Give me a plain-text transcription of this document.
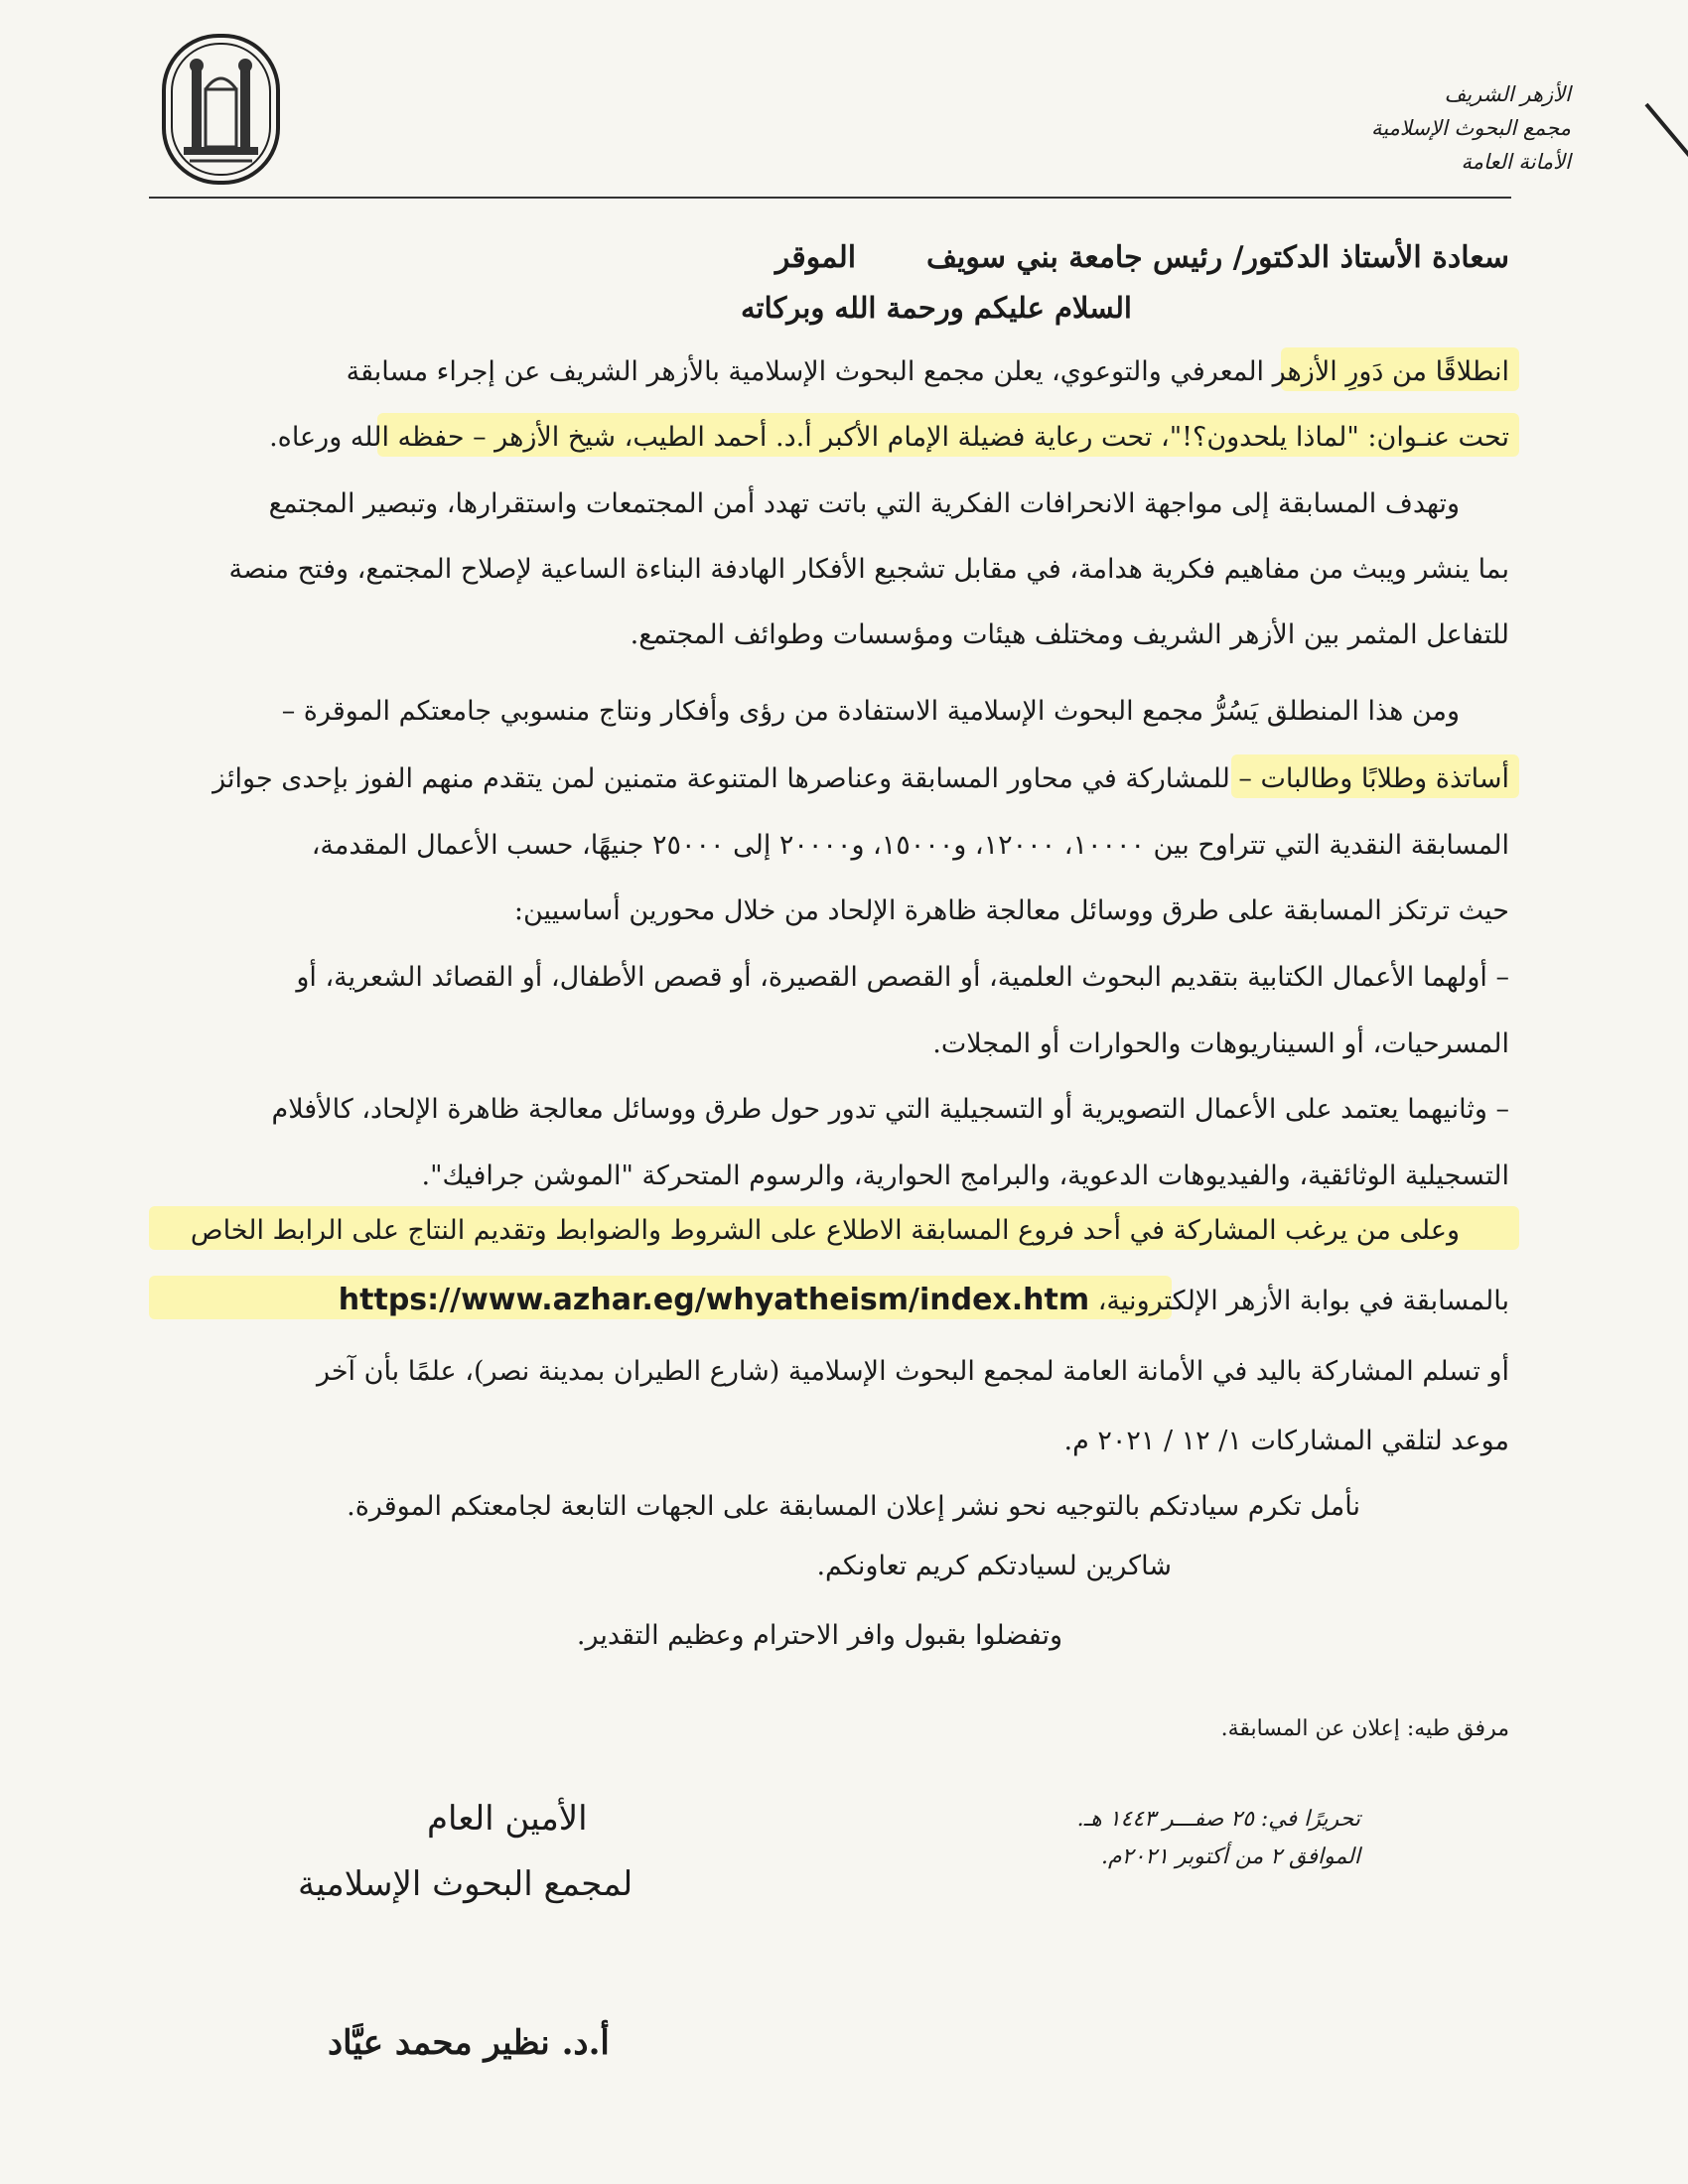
الأزهر الشريف
مجمع البحوث الإسلامية
الأمانة العامة
سعادة الأستاذ الدكتور/ رئيس جامعة بني سويف  الموقر
السلام عليكم ورحمة الله وبركاته
انطلاقًا من دَورِ الأزهر المعرفي والتوعوي، يعلن مجمع البحوث الإسلامية بالأزهر الشريف عن إجراء مسابقة
تحت عنـوان: "لماذا يلحدون؟!"، تحت رعاية فضيلة الإمام الأكبر أ.د. أحمد الطيب، شيخ الأزهر – حفظه الله ورعاه.
وتهدف المسابقة إلى مواجهة الانحرافات الفكرية التي باتت تهدد أمن المجتمعات واستقرارها، وتبصير المجتمع
بما ينشر ويبث من مفاهيم فكرية هدامة، في مقابل تشجيع الأفكار الهادفة البناءة الساعية لإصلاح المجتمع، وفتح منصة
للتفاعل المثمر بين الأزهر الشريف ومختلف هيئات ومؤسسات وطوائف المجتمع.
ومن هذا المنطلق يَسُرُّ مجمع البحوث الإسلامية الاستفادة من رؤى وأفكار ونتاج منسوبي جامعتكم الموقرة –
أساتذة وطلابًا وطالبات – للمشاركة في محاور المسابقة وعناصرها المتنوعة متمنين لمن يتقدم منهم الفوز بإحدى جوائز
المسابقة النقدية التي تتراوح بين ١٠٠٠٠، ١٢٠٠٠، و١٥٠٠٠، و٢٠٠٠٠ إلى ٢٥٠٠٠ جنيهًا، حسب الأعمال المقدمة،
حيث ترتكز المسابقة على طرق ووسائل معالجة ظاهرة الإلحاد من خلال محورين أساسيين:
– أولهما الأعمال الكتابية بتقديم البحوث العلمية، أو القصص القصيرة، أو قصص الأطفال، أو القصائد الشعرية، أو
المسرحيات، أو السيناريوهات والحوارات أو المجلات.
– وثانيهما يعتمد على الأعمال التصويرية أو التسجيلية التي تدور حول طرق ووسائل معالجة ظاهرة الإلحاد، كالأفلام
التسجيلية الوثائقية، والفيديوهات الدعوية، والبرامج الحوارية، والرسوم المتحركة "الموشن جرافيك".
وعلى من يرغب المشاركة في أحد فروع المسابقة الاطلاع على الشروط والضوابط وتقديم النتاج على الرابط الخاص
بالمسابقة في بوابة الأزهر الإلكترونية، https://www.azhar.eg/whyatheism/index.htm
أو تسلم المشاركة باليد في الأمانة العامة لمجمع البحوث الإسلامية (شارع الطيران بمدينة نصر)، علمًا بأن آخر
موعد لتلقي المشاركات ١/ ١٢ / ٢٠٢١ م.
نأمل تكرم سيادتكم بالتوجيه نحو نشر إعلان المسابقة على الجهات التابعة لجامعتكم الموقرة.
شاكرين لسيادتكم كريم تعاونكم.
وتفضلوا بقبول وافر الاحترام وعظيم التقدير.
مرفق طيه: إعلان عن المسابقة.
تحريرًا في: ٢٥ صفـــر ١٤٤٣ هـ.
الموافق ٢ من أكتوبر ٢٠٢١م.
الأمين العام
لمجمع البحوث الإسلامية
أ.د. نظير محمد عيَّاد
